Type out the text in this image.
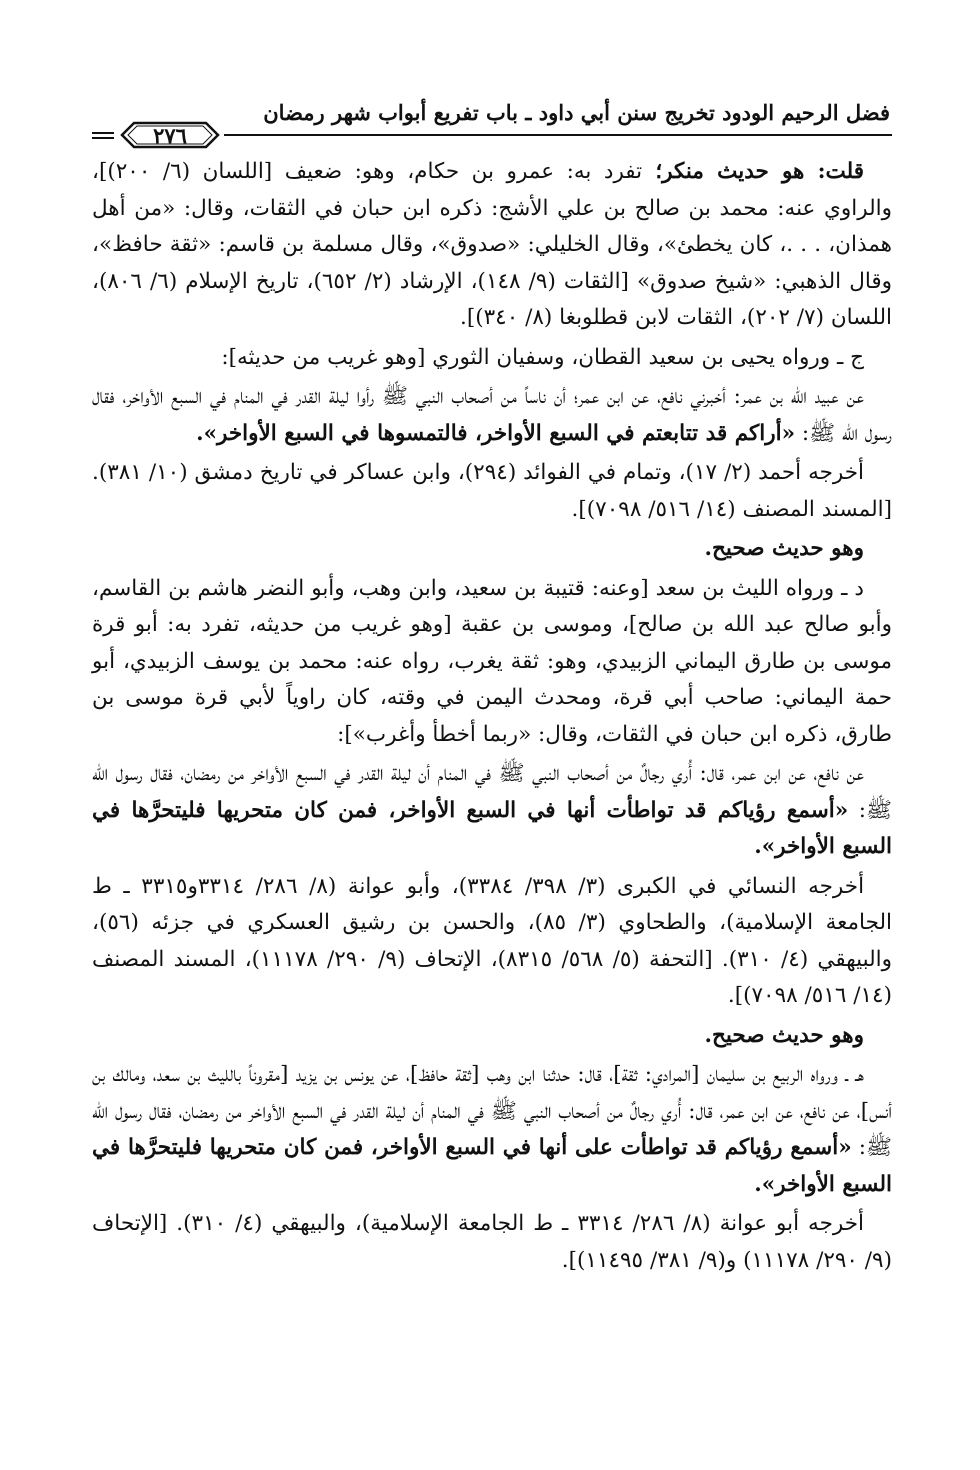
فضل الرحيم الودود تخريج سنن أبي داود ـ باب تفريع أبواب شهر رمضان
٢٧٦

قلت: هو حديث منكر؛ تفرد به: عمرو بن حكام، وهو: ضعيف [اللسان (٦/ ٢٠٠)]، والراوي عنه: محمد بن صالح بن علي الأشج: ذكره ابن حبان في الثقات، وقال: «من أهل همذان، . . .، كان يخطئ»، وقال الخليلي: «صدوق»، وقال مسلمة بن قاسم: «ثقة حافظ»، وقال الذهبي: «شيخ صدوق» [الثقات (٩/ ١٤٨)، الإرشاد (٢/ ٦٥٢)، تاريخ الإسلام (٦/ ٨٠٦)، اللسان (٧/ ٢٠٢)، الثقات لابن قطلوبغا (٨/ ٣٤٠)].

ج ـ ورواه يحيى بن سعيد القطان، وسفيان الثوري [وهو غريب من حديثه]:

عن عبيد الله بن عمر: أخبرني نافع، عن ابن عمر؛ أن ناساً من أصحاب النبي ﷺ رأوا ليلة القدر في المنام في السبع الأواخر، فقال رسول الله ﷺ: «أراكم قد تتابعتم في السبع الأواخر، فالتمسوها في السبع الأواخر».

أخرجه أحمد (٢/ ١٧)، وتمام في الفوائد (٢٩٤)، وابن عساكر في تاريخ دمشق (١٠/ ٣٨١). [المسند المصنف (١٤/ ٥١٦/ ٧٠٩٨)].

وهو حديث صحيح.

د ـ ورواه الليث بن سعد [وعنه: قتيبة بن سعيد، وابن وهب، وأبو النضر هاشم بن القاسم، وأبو صالح عبد الله بن صالح]، وموسى بن عقبة [وهو غريب من حديثه، تفرد به: أبو قرة موسى بن طارق اليماني الزبيدي، وهو: ثقة يغرب، رواه عنه: محمد بن يوسف الزبيدي، أبو حمة اليماني: صاحب أبي قرة، ومحدث اليمن في وقته، كان راوياً لأبي قرة موسى بن طارق، ذكره ابن حبان في الثقات، وقال: «ربما أخطأ وأغرب»]:

عن نافع، عن ابن عمر، قال: أُري رجالٌ من أصحاب النبي ﷺ في المنام أن ليلة القدر في السبع الأواخر من رمضان، فقال رسول الله ﷺ: «أسمع رؤياكم قد تواطأت أنها في السبع الأواخر، فمن كان متحريها فليتحرَّها في السبع الأواخر».

أخرجه النسائي في الكبرى (٣/ ٣٩٨/ ٣٣٨٤)، وأبو عوانة (٨/ ٢٨٦/ ٣٣١٤و٣٣١٥ ـ ط الجامعة الإسلامية)، والطحاوي (٣/ ٨٥)، والحسن بن رشيق العسكري في جزئه (٥٦)، والبيهقي (٤/ ٣١٠). [التحفة (٥/ ٥٦٨/ ٨٣١٥)، الإتحاف (٩/ ٢٩٠/ ١١١٧٨)، المسند المصنف (١٤/ ٥١٦/ ٧٠٩٨)].

وهو حديث صحيح.

هـ ـ ورواه الربيع بن سليمان [المرادي: ثقة]، قال: حدثنا ابن وهب [ثقة حافظ]، عن يونس بن يزيد [مقروناً بالليث بن سعد، ومالك بن أنس]، عن نافع، عن ابن عمر، قال: أُري رجالٌ من أصحاب النبي ﷺ في المنام أن ليلة القدر في السبع الأواخر من رمضان، فقال رسول الله ﷺ: «أسمع رؤياكم قد تواطأت على أنها في السبع الأواخر، فمن كان متحريها فليتحرَّها في السبع الأواخر».

أخرجه أبو عوانة (٨/ ٢٨٦/ ٣٣١٤ ـ ط الجامعة الإسلامية)، والبيهقي (٤/ ٣١٠). [الإتحاف (٩/ ٢٩٠/ ١١١٧٨) و(٩/ ٣٨١/ ١١٤٩٥)].
